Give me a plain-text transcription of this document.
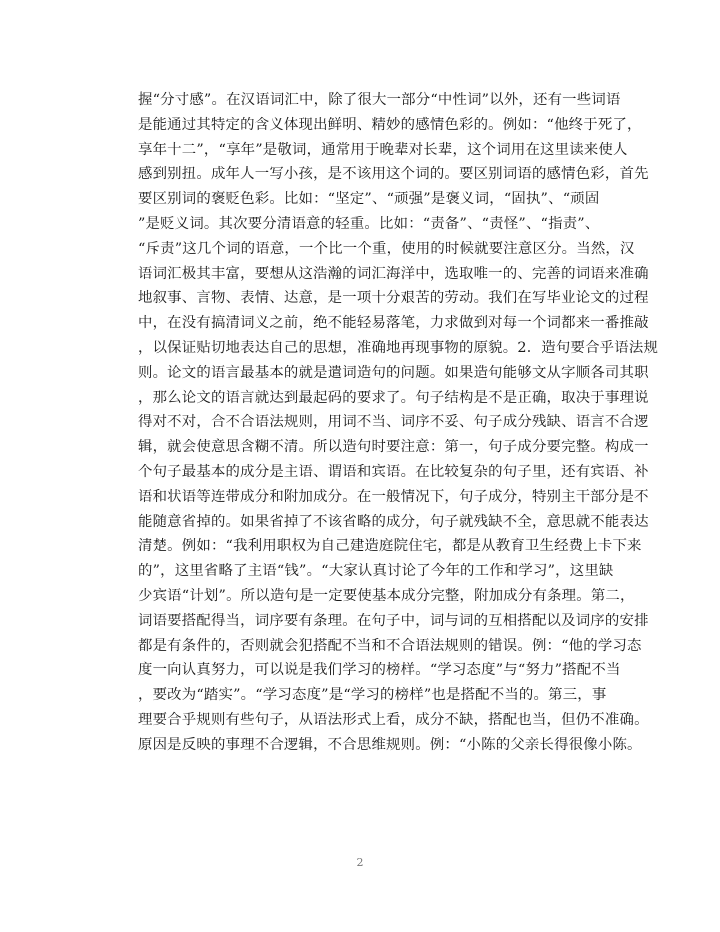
握“分寸感”。在汉语词汇中，除了很大一部分“中性词”以外，还有一些词语
是能通过其特定的含义体现出鲜明、精妙的感情色彩的。例如：“他终于死了，
享年十二”，“享年”是敬词，通常用于晚辈对长辈，这个词用在这里读来使人
感到别扭。成年人一写小孩，是不该用这个词的。要区别词语的感情色彩，首先
要区别词的褒贬色彩。比如：“坚定”、“顽强”是褒义词，“固执”、“顽固
”是贬义词。其次要分清语意的轻重。比如：“责备”、“责怪”、“指责”、
“斥责”这几个词的语意，一个比一个重，使用的时候就要注意区分。当然，汉
语词汇极其丰富，要想从这浩瀚的词汇海洋中，选取唯一的、完善的词语来准确
地叙事、言物、表情、达意，是一项十分艰苦的劳动。我们在写毕业论文的过程
中，在没有搞清词义之前，绝不能轻易落笔，力求做到对每一个词都来一番推敲
，以保证贴切地表达自己的思想，准确地再现事物的原貌。2．造句要合乎语法规
则。论文的语言最基本的就是遣词造句的问题。如果造句能够文从字顺各司其职
，那么论文的语言就达到最起码的要求了。句子结构是不是正确，取决于事理说
得对不对，合不合语法规则，用词不当、词序不妥、句子成分残缺、语言不合逻
辑，就会使意思含糊不清。所以造句时要注意：第一，句子成分要完整。构成一
个句子最基本的成分是主语、谓语和宾语。在比较复杂的句子里，还有宾语、补
语和状语等连带成分和附加成分。在一般情况下，句子成分，特别主干部分是不
能随意省掉的。如果省掉了不该省略的成分，句子就残缺不全，意思就不能表达
清楚。例如：“我利用职权为自己建造庭院住宅，都是从教育卫生经费上卡下来
的”，这里省略了主语“钱”。“大家认真讨论了今年的工作和学习”，这里缺
少宾语“计划”。所以造句是一定要使基本成分完整，附加成分有条理。第二，
词语要搭配得当，词序要有条理。在句子中，词与词的互相搭配以及词序的安排
都是有条件的，否则就会犯搭配不当和不合语法规则的错误。例：“他的学习态
度一向认真努力，可以说是我们学习的榜样。“学习态度”与“努力”搭配不当
，要改为“踏实”。“学习态度”是“学习的榜样”也是搭配不当的。第三，事
理要合乎规则有些句子，从语法形式上看，成分不缺，搭配也当，但仍不准确。
原因是反映的事理不合逻辑，不合思维规则。例：“小陈的父亲长得很像小陈。
2
